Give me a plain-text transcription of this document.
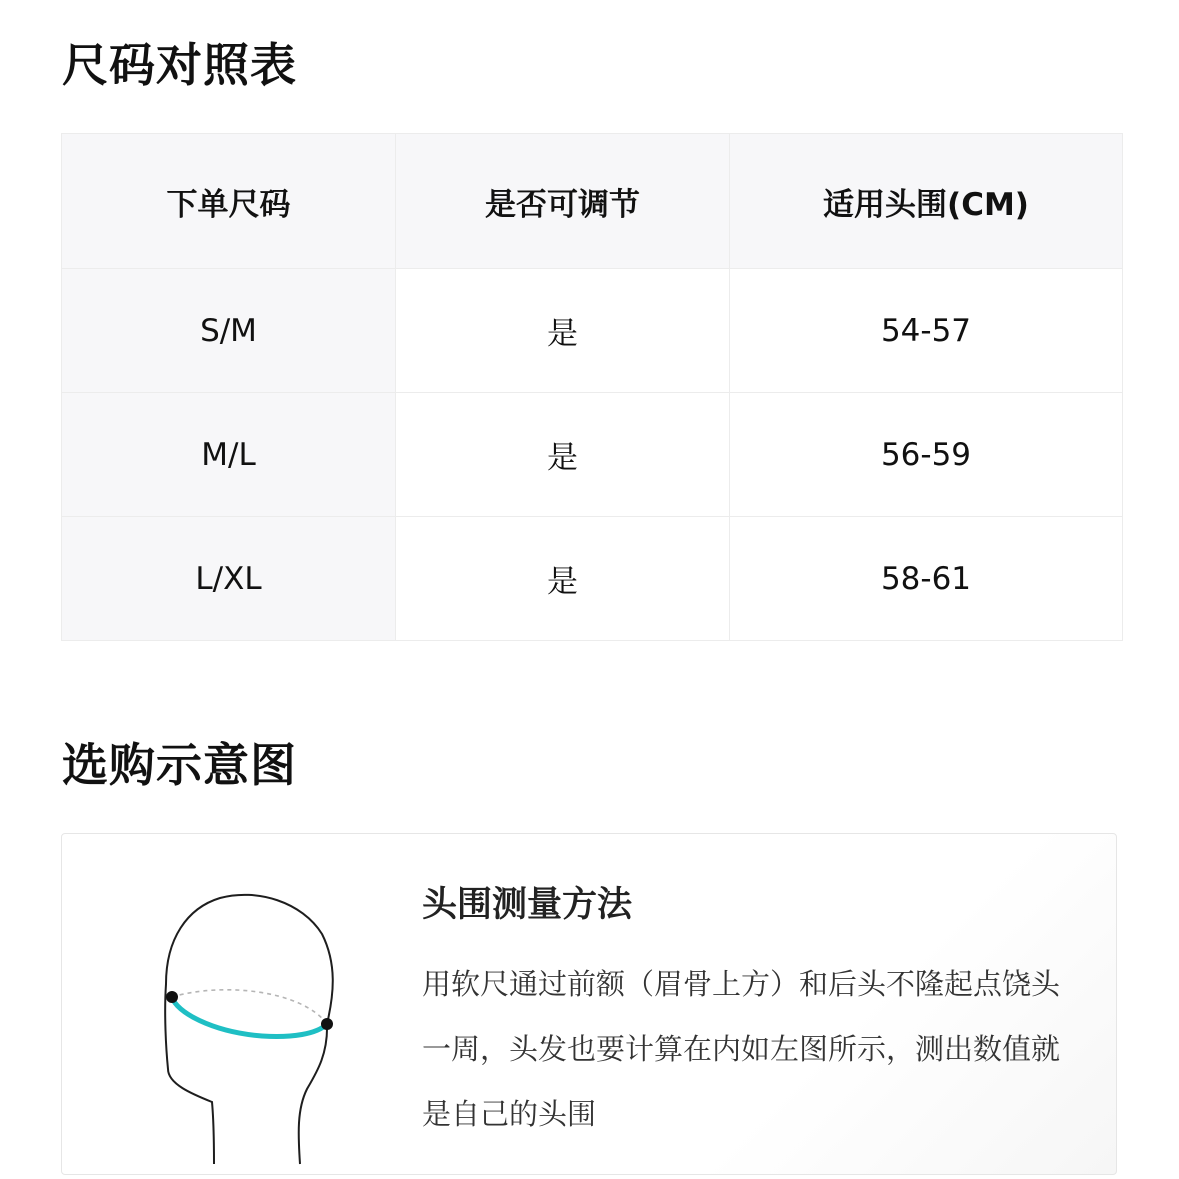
尺码对照表
下单尺码	是否可调节	适用头围(CM)
S/M	是	54-57
M/L	是	56-59
L/XL	是	58-61
选购示意图
头围测量方法
用软尺通过前额（眉骨上方）和后头不隆起点饶头一周，头发也要计算在内如左图所示，测出数值就是自己的头围
